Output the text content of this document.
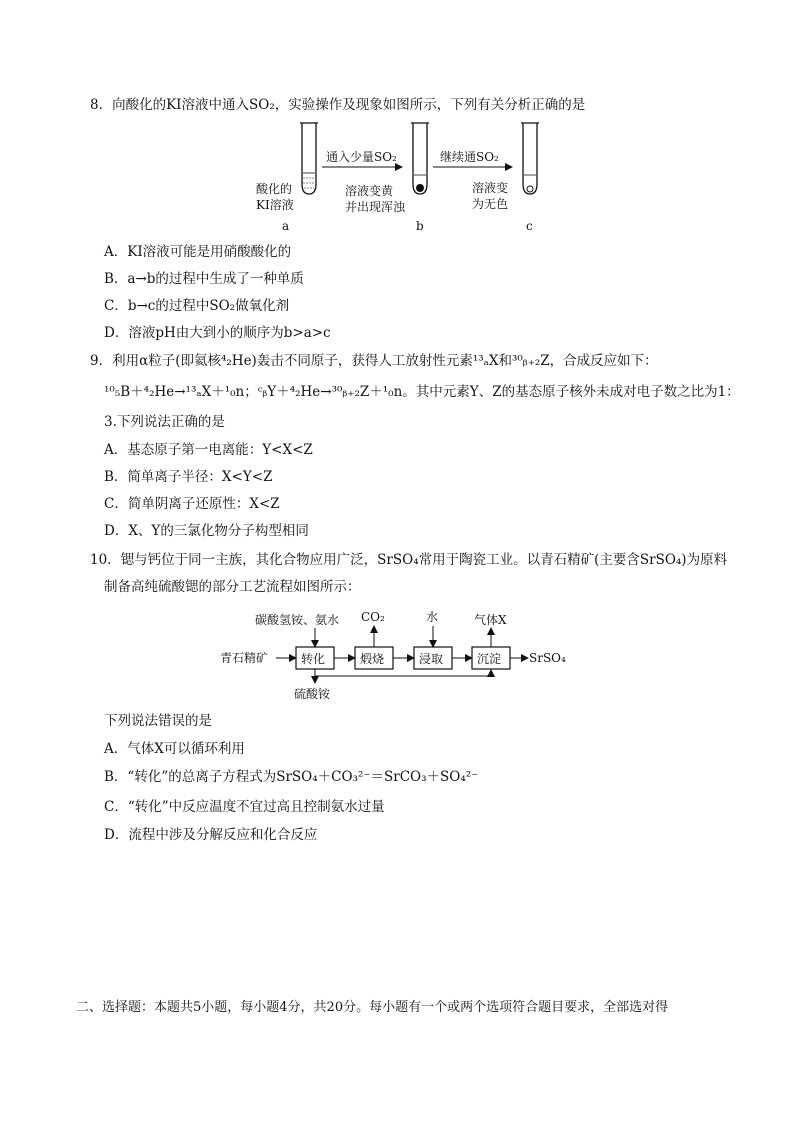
8．向酸化的KI溶液中通入SO₂，实验操作及现象如图所示，下列有关分析正确的是
通入少量SO₂	继续通SO₂
酸化的
KI溶液
溶液变黄
并出现浑浊
溶液变
为无色
a	b	c
A．KI溶液可能是用硝酸酸化的
B．a→b的过程中生成了一种单质
C．b→c的过程中SO₂做氧化剂
D．溶液pH由大到小的顺序为b>a>c
9．利用α粒子(即氦核⁴₂He)轰击不同原子，获得人工放射性元素¹³ₐX和³⁰ᵦ₊₂Z，合成反应如下：
¹⁰₅B＋⁴₂He→¹³ₐX＋¹₀n；ᶜᵦY＋⁴₂He→³⁰ᵦ₊₂Z＋¹₀n。其中元素Y、Z的基态原子核外未成对电子数之比为1：
3.下列说法正确的是
A．基态原子第一电离能：Y<X<Z
B．简单离子半径：X<Y<Z
C．简单阴离子还原性：X<Z
D．X、Y的三氯化物分子构型相同
10．锶与钙位于同一主族，其化合物应用广泛，SrSO₄常用于陶瓷工业。以青石精矿(主要含SrSO₄)为原料
制备高纯硫酸锶的部分工艺流程如图所示：
碳酸氢铵、氨水 CO₂	水	气体X
青石精矿	转化	煅烧	浸取	沉淀 SrSO₄
硫酸铵
下列说法错误的是
A．气体X可以循环利用
B．“转化”的总离子方程式为SrSO₄＋CO₃²⁻＝SrCO₃＋SO₄²⁻
C．“转化”中反应温度不宜过高且控制氨水过量
D．流程中涉及分解反应和化合反应
二、选择题：本题共5小题，每小题4分，共20分。每小题有一个或两个选项符合题目要求，全部选对得
